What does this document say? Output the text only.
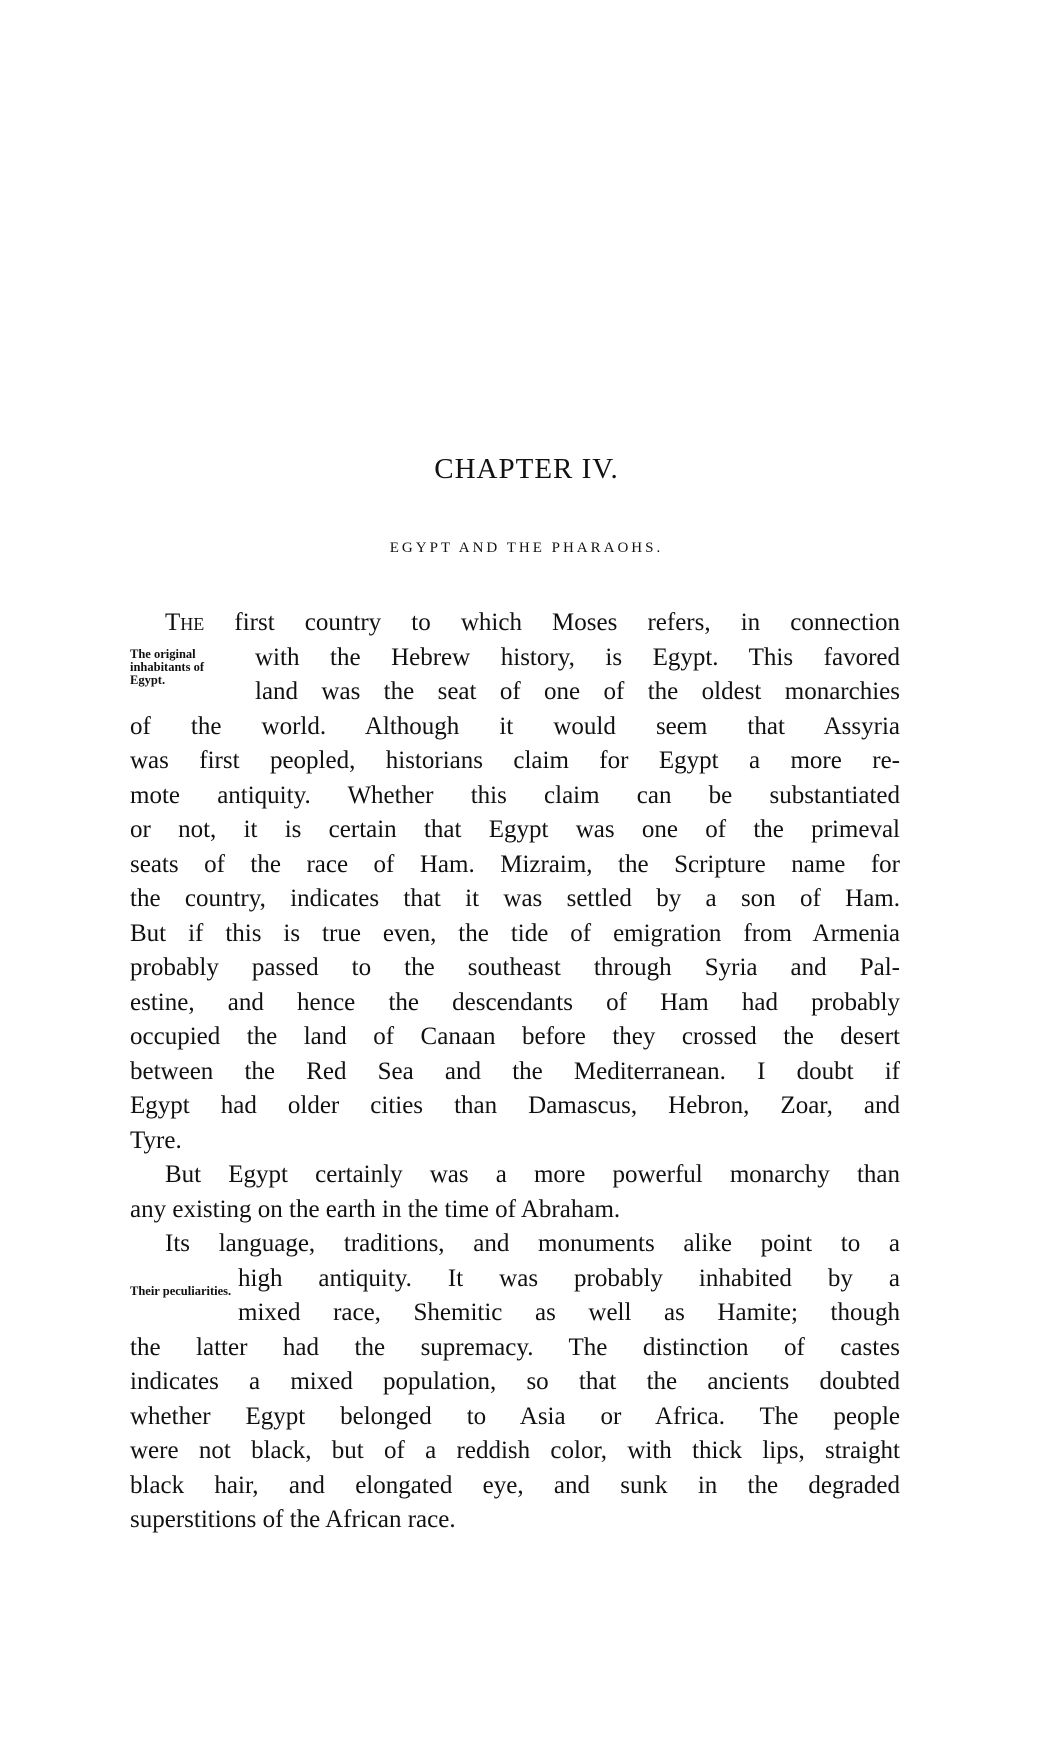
CHAPTER IV.
EGYPT AND THE PHARAOHS.
The original inhabitants of Egypt.
Their peculiarities.
The first country to which Moses refers, in connection
with the Hebrew history, is Egypt. This favored
land was the seat of one of the oldest monarchies
of the world. Although it would seem that Assyria
was first peopled, historians claim for Egypt a more re-
mote antiquity. Whether this claim can be substantiated
or not, it is certain that Egypt was one of the primeval
seats of the race of Ham. Mizraim, the Scripture name for
the country, indicates that it was settled by a son of Ham.
But if this is true even, the tide of emigration from Armenia
probably passed to the southeast through Syria and Pal-
estine, and hence the descendants of Ham had probably
occupied the land of Canaan before they crossed the desert
between the Red Sea and the Mediterranean. I doubt if
Egypt had older cities than Damascus, Hebron, Zoar, and
Tyre.
But Egypt certainly was a more powerful monarchy than
any existing on the earth in the time of Abraham.
Its language, traditions, and monuments alike point to a
high antiquity. It was probably inhabited by a
mixed race, Shemitic as well as Hamite; though
the latter had the supremacy. The distinction of castes
indicates a mixed population, so that the ancients doubted
whether Egypt belonged to Asia or Africa. The people
were not black, but of a reddish color, with thick lips, straight
black hair, and elongated eye, and sunk in the degraded
superstitions of the African race.
